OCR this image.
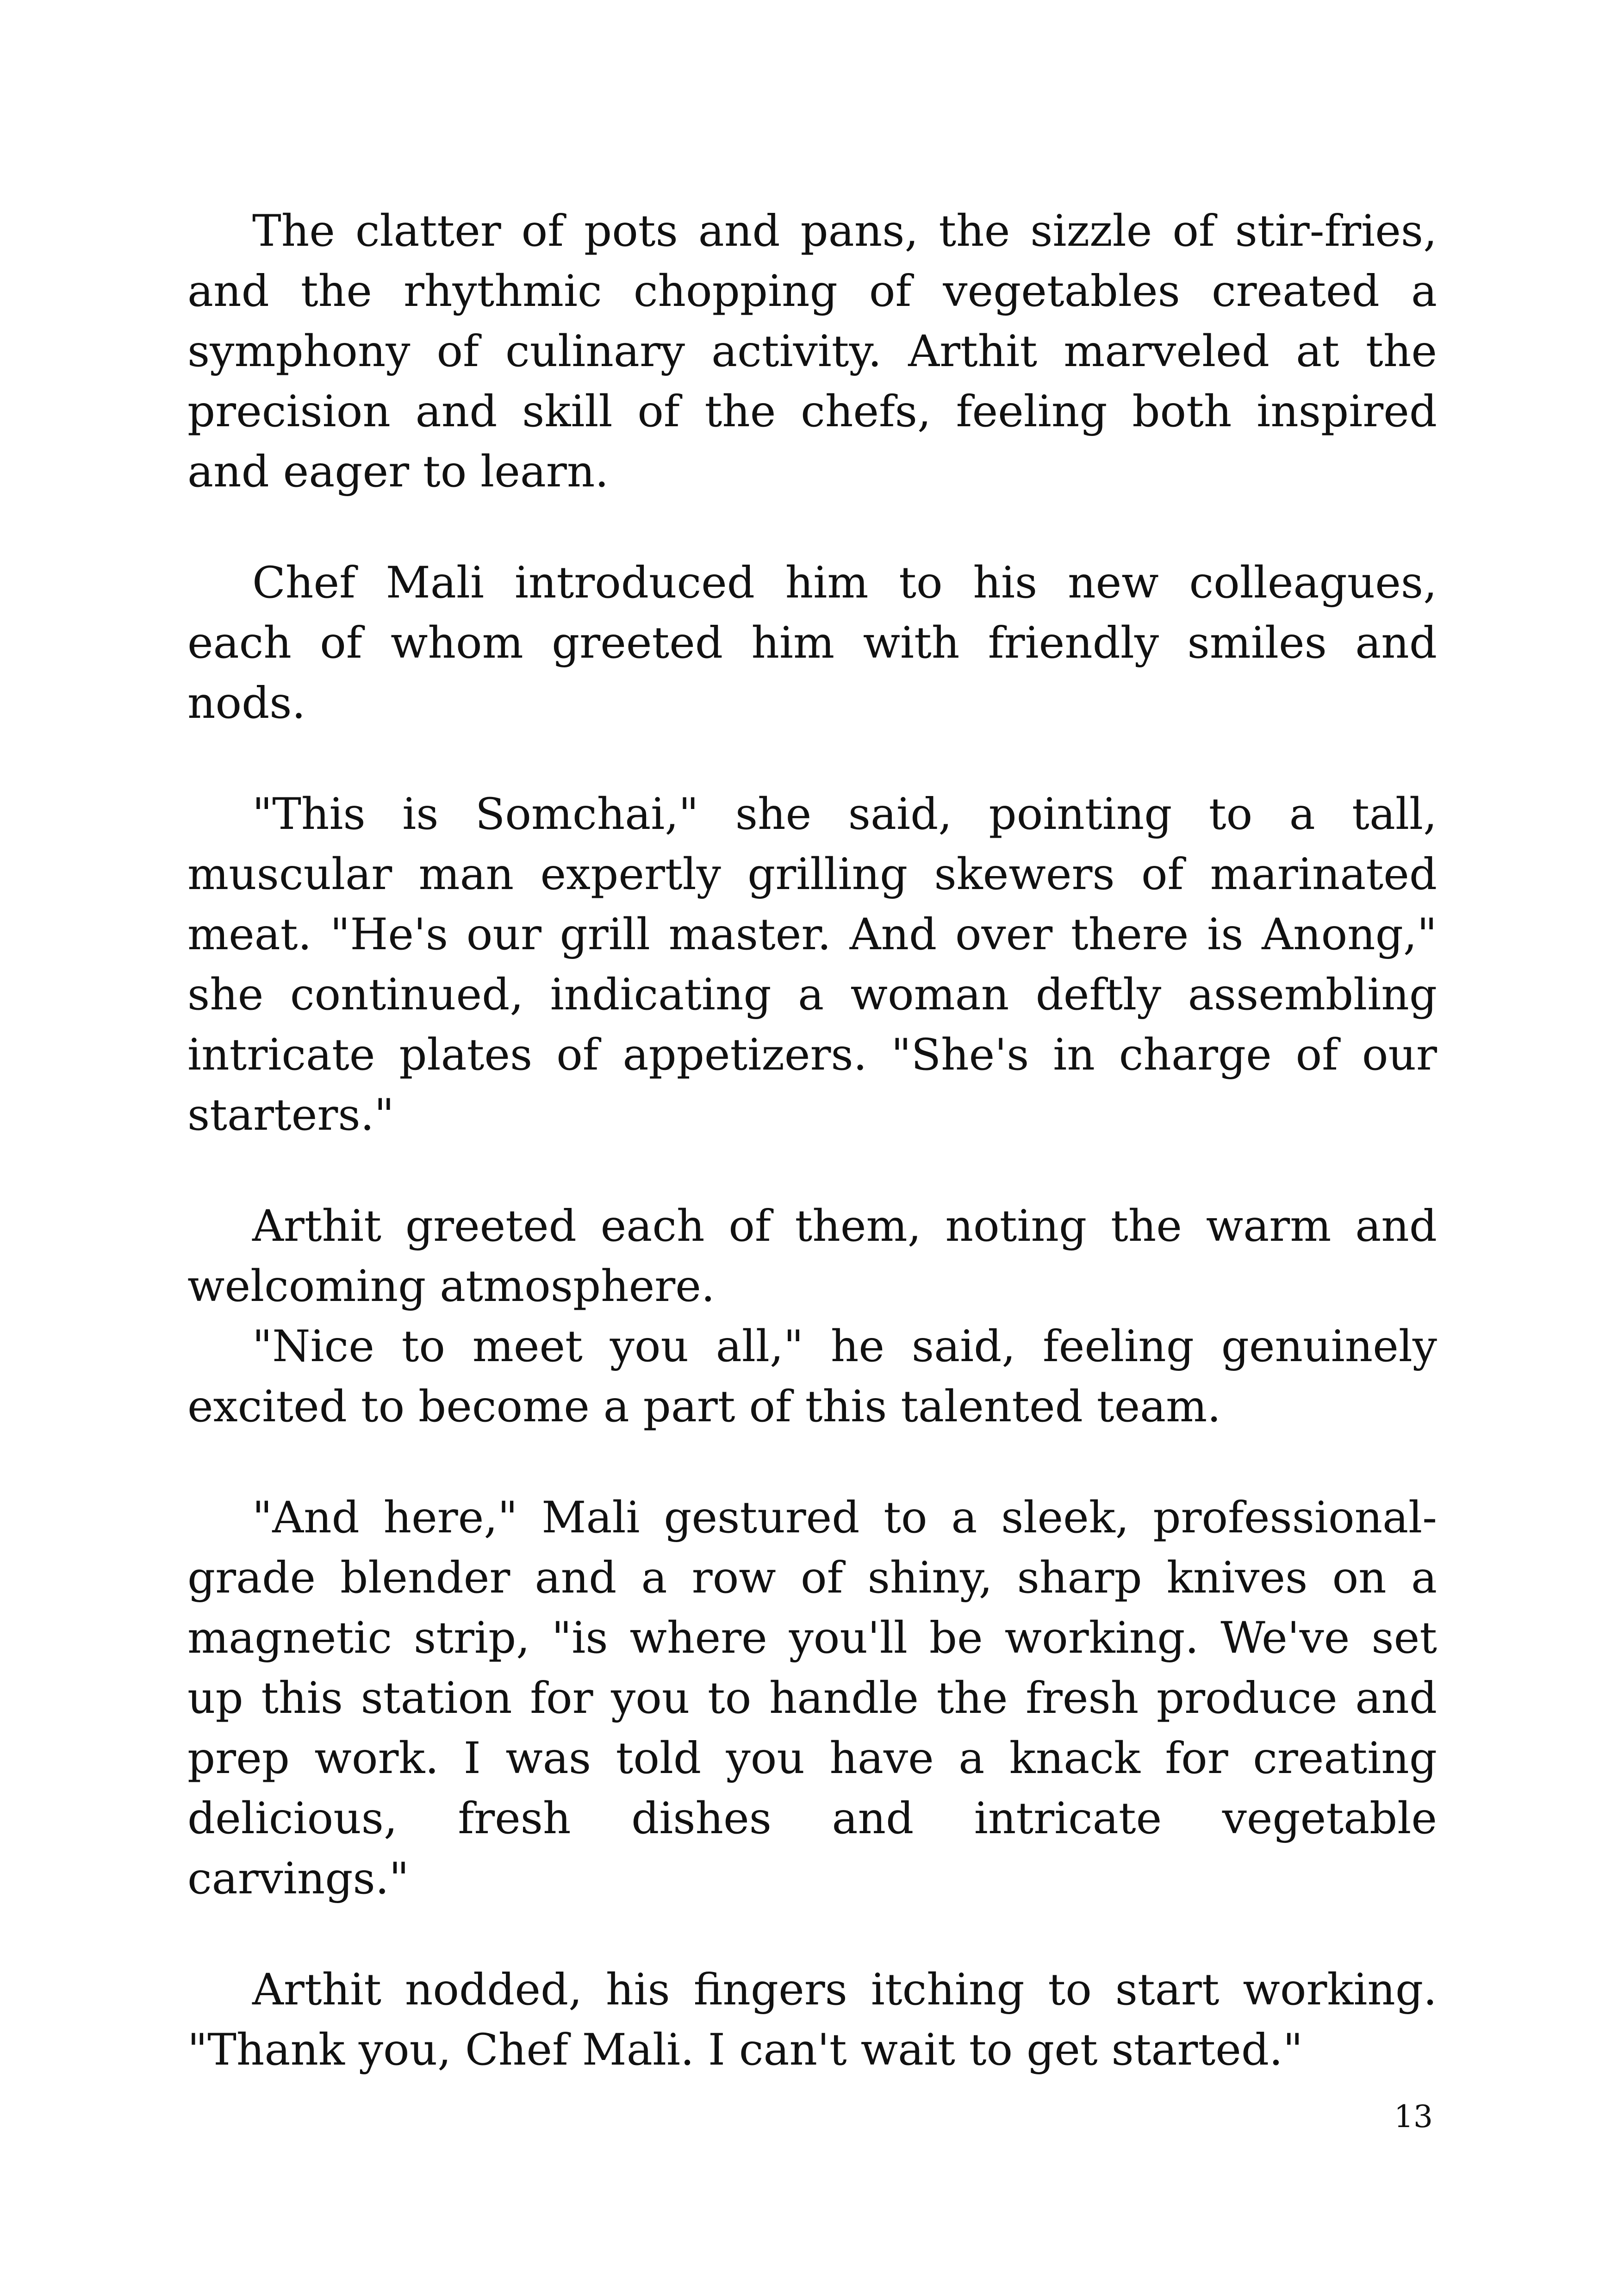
The clatter of pots and pans, the sizzle of stir-fries, and the rhythmic chopping of vegetables created a symphony of culinary activity. Arthit marveled at the precision and skill of the chefs, feeling both inspired and eager to learn.

Chef Mali introduced him to his new colleagues, each of whom greeted him with friendly smiles and nods.

"This is Somchai," she said, pointing to a tall, muscular man expertly grilling skewers of marinated meat. "He's our grill master. And over there is Anong," she continued, indicating a woman deftly assembling intricate plates of appetizers. "She's in charge of our starters."

Arthit greeted each of them, noting the warm and welcoming atmosphere.

"Nice to meet you all," he said, feeling genuinely excited to become a part of this talented team.

"And here," Mali gestured to a sleek, professional-grade blender and a row of shiny, sharp knives on a magnetic strip, "is where you'll be working. We've set up this station for you to handle the fresh produce and prep work. I was told you have a knack for creating delicious, fresh dishes and intricate vegetable carvings."

Arthit nodded, his fingers itching to start working. "Thank you, Chef Mali. I can't wait to get started."

13
